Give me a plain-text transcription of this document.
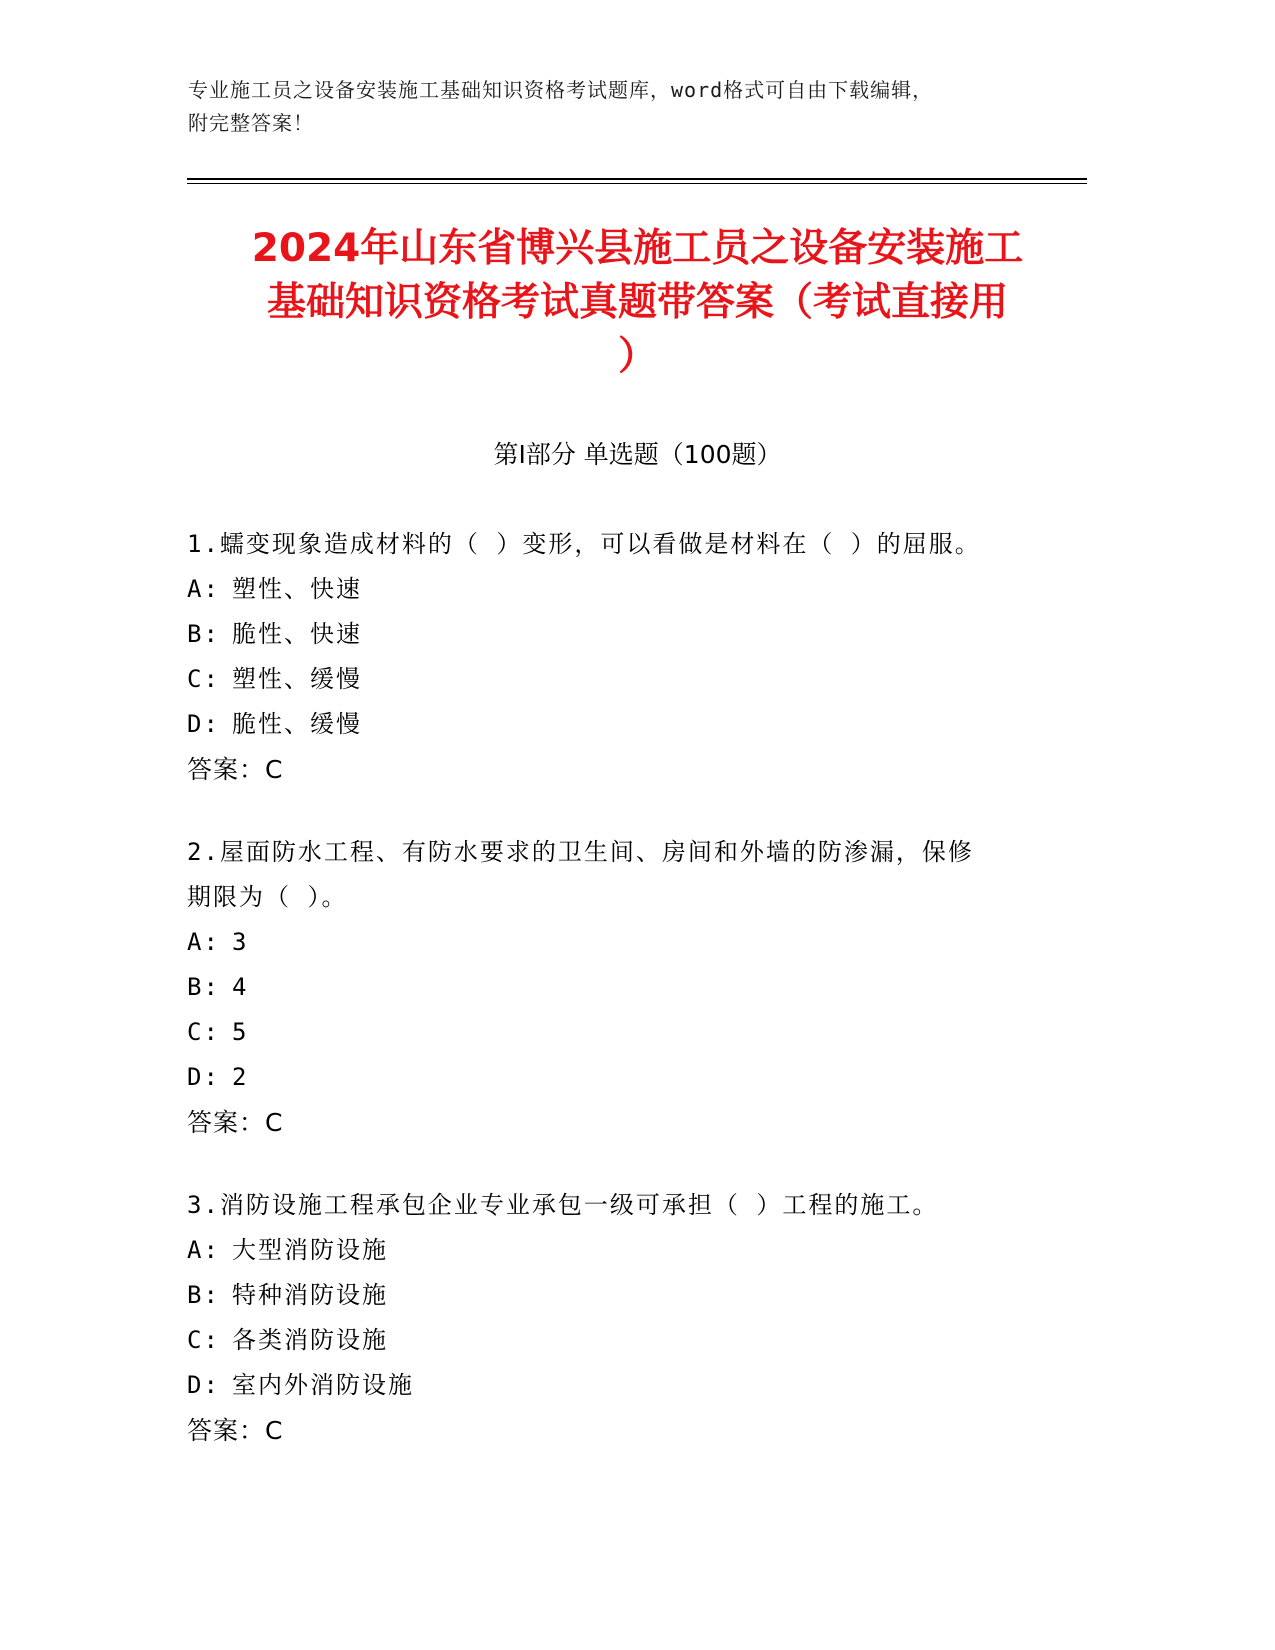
专业施工员之设备安装施工基础知识资格考试题库，word格式可自由下载编辑，
附完整答案！
2024年山东省博兴县施工员之设备安装施工
基础知识资格考试真题带答案（考试直接用
）
第Ⅰ部分 单选题（100题）

1.蠕变现象造成材料的（ ）变形，可以看做是材料在（ ）的屈服。

A: 塑性、快速

B: 脆性、快速

C: 塑性、缓慢

D: 脆性、缓慢

答案：C

2.屋面防水工程、有防水要求的卫生间、房间和外墙的防渗漏，保修

期限为（ ）。

A: 3

B: 4

C: 5

D: 2

答案：C

3.消防设施工程承包企业专业承包一级可承担（ ）工程的施工。

A: 大型消防设施

B: 特种消防设施

C: 各类消防设施

D: 室内外消防设施

答案：C
